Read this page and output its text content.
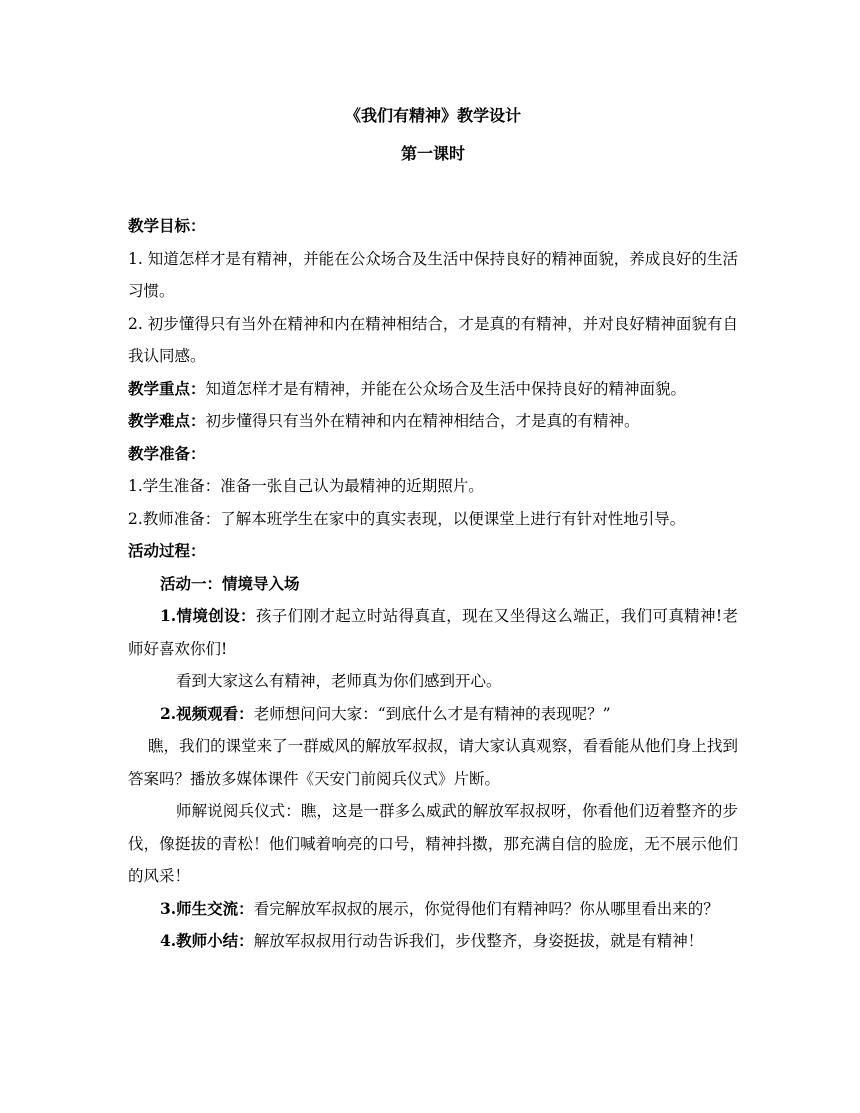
《我们有精神》教学设计
第一课时

教学目标：

1. 知道怎样才是有精神，并能在公众场合及生活中保持良好的精神面貌，养成良好的生活习惯。

2. 初步懂得只有当外在精神和内在精神相结合，才是真的有精神，并对良好精神面貌有自我认同感。

教学重点：知道怎样才是有精神，并能在公众场合及生活中保持良好的精神面貌。

教学难点：初步懂得只有当外在精神和内在精神相结合，才是真的有精神。

教学准备：

1.学生准备：准备一张自己认为最精神的近期照片。

2.教师准备：了解本班学生在家中的真实表现，以便课堂上进行有针对性地引导。

活动过程：

活动一：情境导入场

1.情境创设：孩子们刚才起立时站得真直，现在又坐得这么端正，我们可真精神!老师好喜欢你们!

看到大家这么有精神，老师真为你们感到开心。

2.视频观看：老师想问问大家：“到底什么才是有精神的表现呢？”

瞧，我们的课堂来了一群威风的解放军叔叔，请大家认真观察，看看能从他们身上找到答案吗？播放多媒体课件《天安门前阅兵仪式》片断。

师解说阅兵仪式：瞧，这是一群多么威武的解放军叔叔呀，你看他们迈着整齐的步伐，像挺拔的青松！他们喊着响亮的口号，精神抖擞，那充满自信的脸庞，无不展示他们的风采！

3.师生交流：看完解放军叔叔的展示，你觉得他们有精神吗？你从哪里看出来的？

4.教师小结：解放军叔叔用行动告诉我们，步伐整齐，身姿挺拔，就是有精神！
